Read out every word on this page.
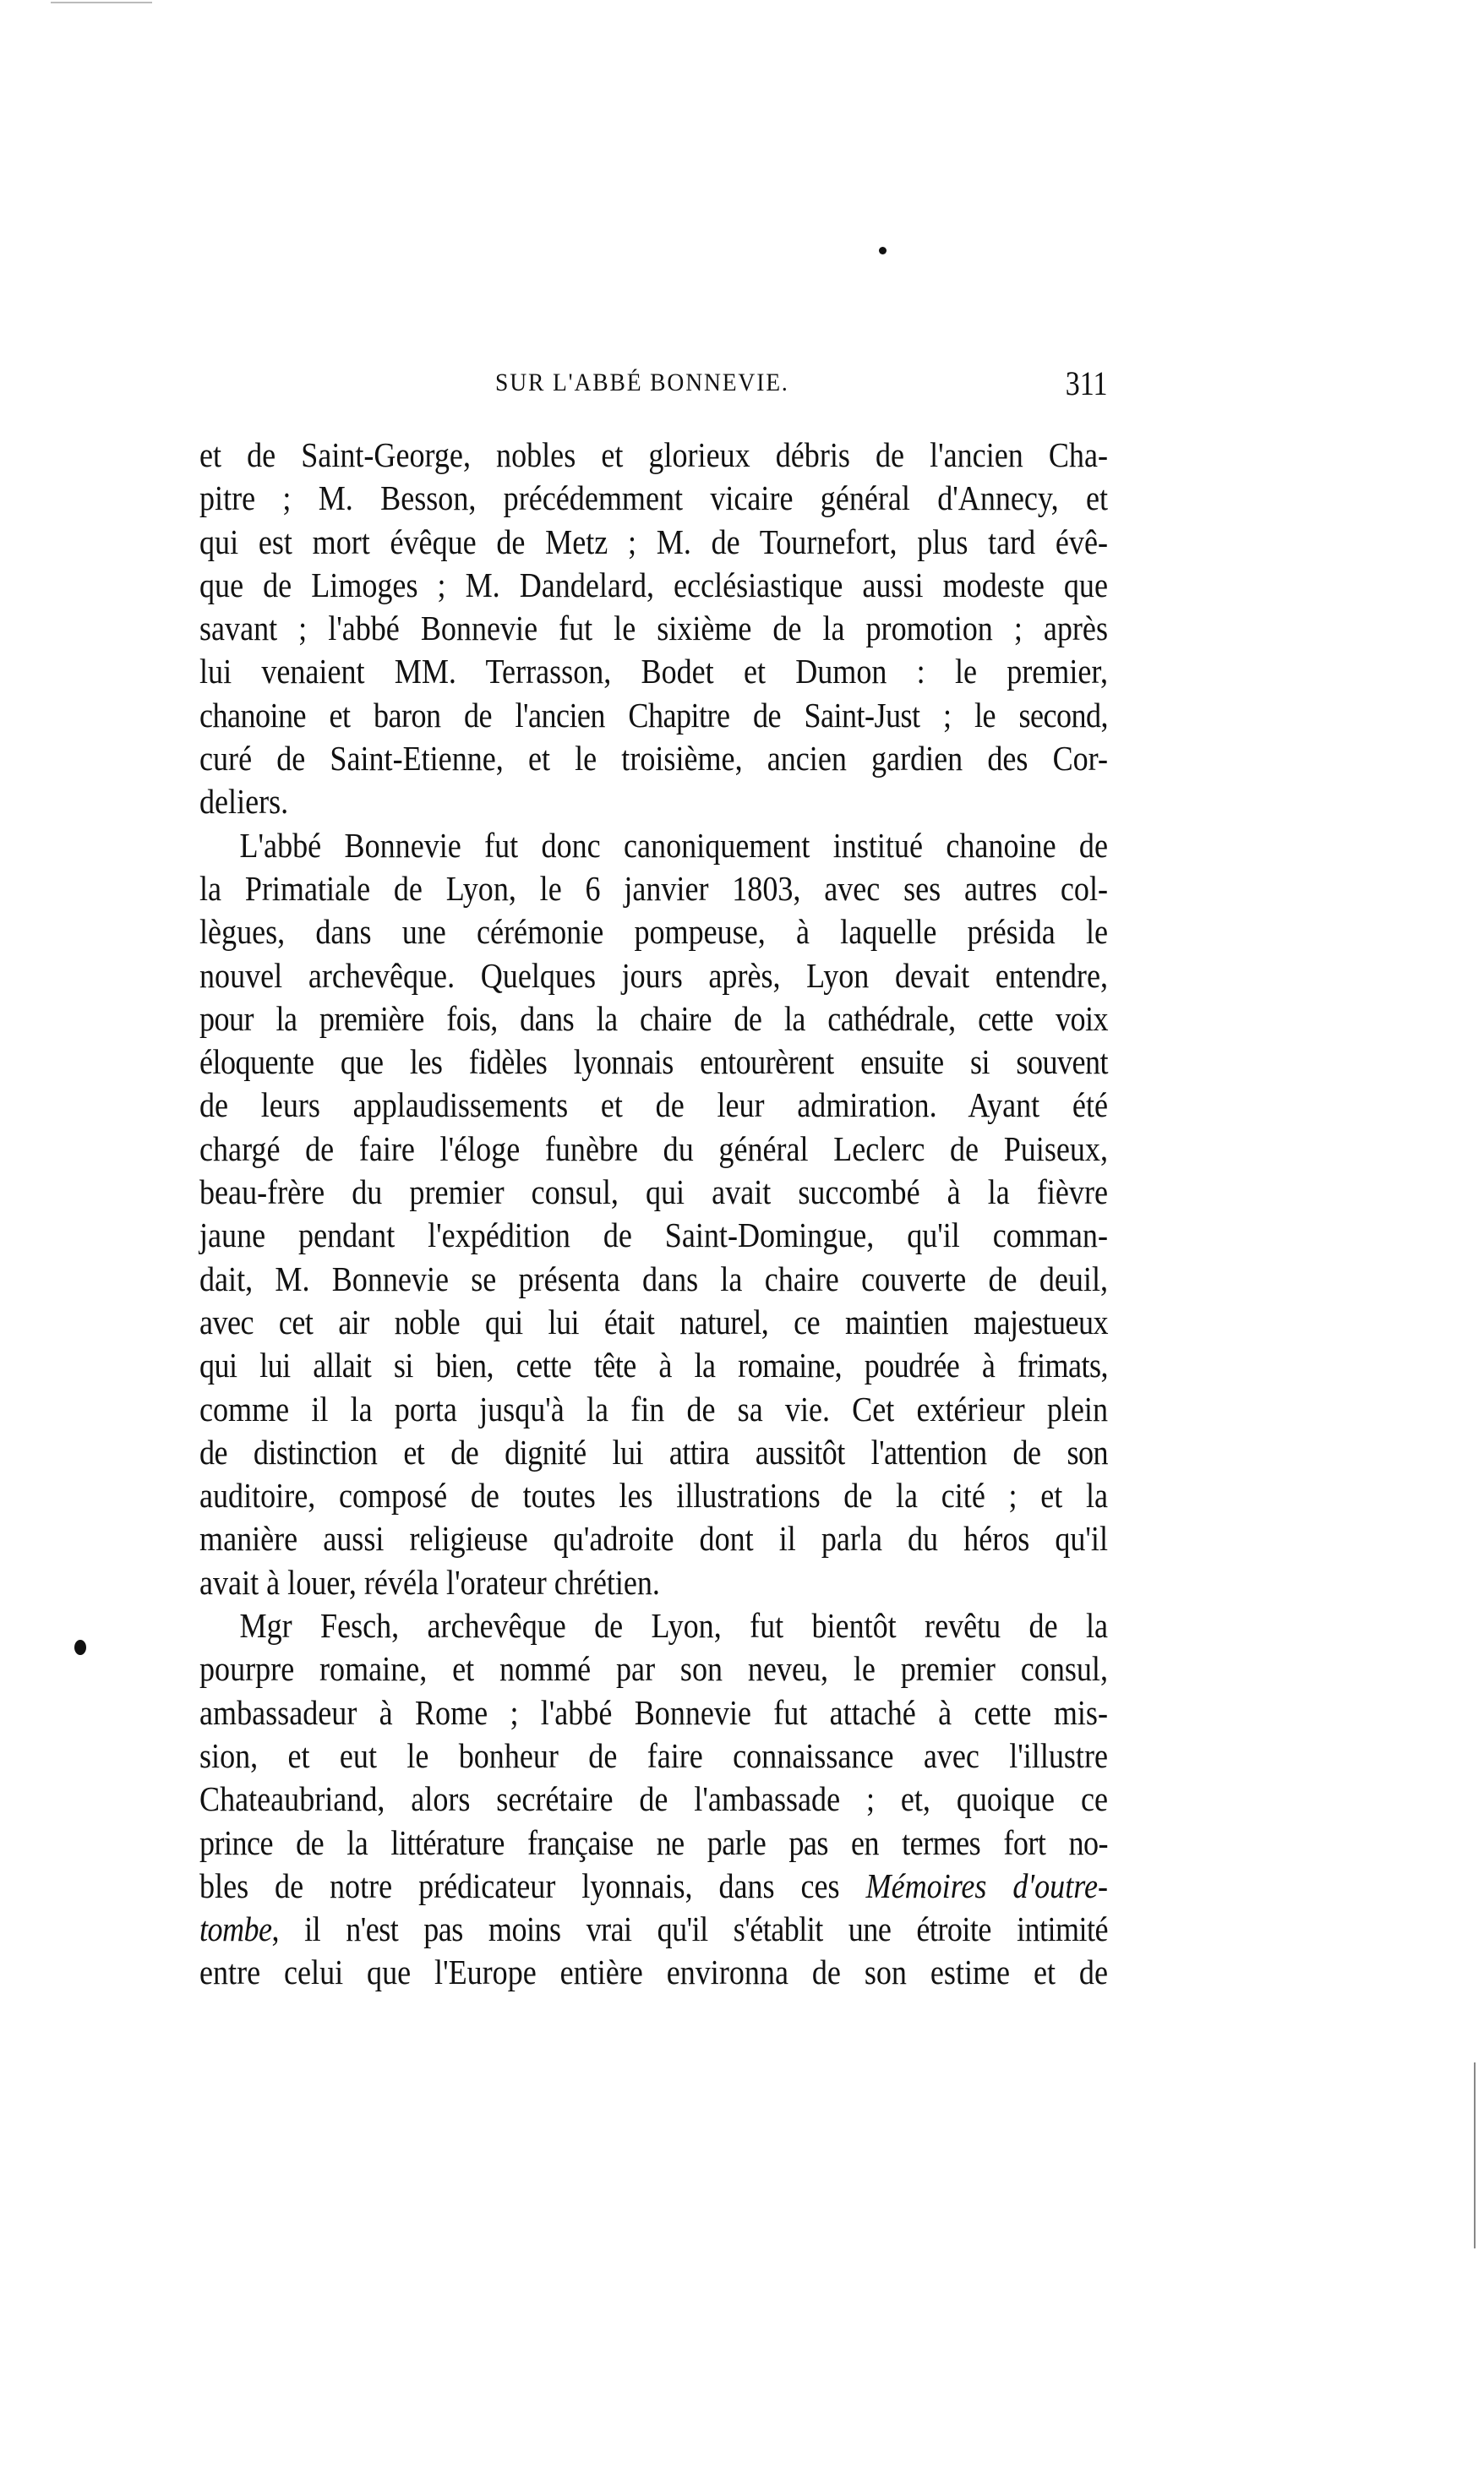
SUR L'ABBÉ BONNEVIE.	311
et de Saint-George, nobles et glorieux débris de l'ancien Cha-
pitre ; M. Besson, précédemment vicaire général d'Annecy, et
qui est mort évêque de Metz ; M. de Tournefort, plus tard évê-
que de Limoges ; M. Dandelard, ecclésiastique aussi modeste que
savant ; l'abbé Bonnevie fut le sixième de la promotion ; après
lui venaient MM. Terrasson, Bodet et Dumon : le premier,
chanoine et baron de l'ancien Chapitre de Saint-Just ; le second,
curé de Saint-Etienne, et le troisième, ancien gardien des Cor-
deliers.
L'abbé Bonnevie fut donc canoniquement institué chanoine de
la Primatiale de Lyon, le 6 janvier 1803, avec ses autres col-
lègues, dans une cérémonie pompeuse, à laquelle présida le
nouvel archevêque. Quelques jours après, Lyon devait entendre,
pour la première fois, dans la chaire de la cathédrale, cette voix
éloquente que les fidèles lyonnais entourèrent ensuite si souvent
de leurs applaudissements et de leur admiration. Ayant été
chargé de faire l'éloge funèbre du général Leclerc de Puiseux,
beau-frère du premier consul, qui avait succombé à la fièvre
jaune pendant l'expédition de Saint-Domingue, qu'il comman-
dait, M. Bonnevie se présenta dans la chaire couverte de deuil,
avec cet air noble qui lui était naturel, ce maintien majestueux
qui lui allait si bien, cette tête à la romaine, poudrée à frimats,
comme il la porta jusqu'à la fin de sa vie. Cet extérieur plein
de distinction et de dignité lui attira aussitôt l'attention de son
auditoire, composé de toutes les illustrations de la cité ; et la
manière aussi religieuse qu'adroite dont il parla du héros qu'il
avait à louer, révéla l'orateur chrétien.
Mgr Fesch, archevêque de Lyon, fut bientôt revêtu de la
pourpre romaine, et nommé par son neveu, le premier consul,
ambassadeur à Rome ; l'abbé Bonnevie fut attaché à cette mis-
sion, et eut le bonheur de faire connaissance avec l'illustre
Chateaubriand, alors secrétaire de l'ambassade ; et, quoique ce
prince de la littérature française ne parle pas en termes fort no-
bles de notre prédicateur lyonnais, dans ces Mémoires d'outre-
tombe, il n'est pas moins vrai qu'il s'établit une étroite intimité
entre celui que l'Europe entière environna de son estime et de
